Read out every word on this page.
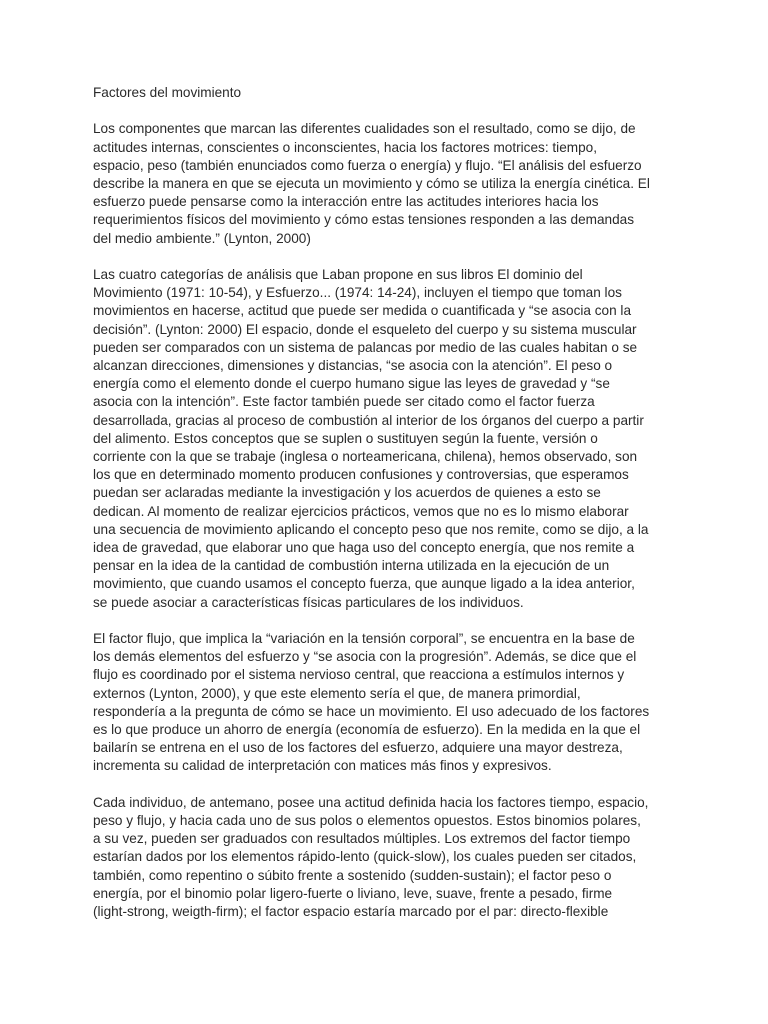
Factores del movimiento
Los componentes que marcan las diferentes cualidades son el resultado, como se dijo, de
actitudes internas, conscientes o inconscientes, hacia los factores motrices: tiempo,
espacio, peso (también enunciados como fuerza o energía) y flujo. “El análisis del esfuerzo
describe la manera en que se ejecuta un movimiento y cómo se utiliza la energía cinética. El
esfuerzo puede pensarse como la interacción entre las actitudes interiores hacia los
requerimientos físicos del movimiento y cómo estas tensiones responden a las demandas
del medio ambiente.” (Lynton, 2000)
Las cuatro categorías de análisis que Laban propone en sus libros El dominio del
Movimiento (1971: 10-54), y Esfuerzo... (1974: 14-24), incluyen el tiempo que toman los
movimientos en hacerse, actitud que puede ser medida o cuantificada y “se asocia con la
decisión”. (Lynton: 2000) El espacio, donde el esqueleto del cuerpo y su sistema muscular
pueden ser comparados con un sistema de palancas por medio de las cuales habitan o se
alcanzan direcciones, dimensiones y distancias, “se asocia con la atención”. El peso o
energía como el elemento donde el cuerpo humano sigue las leyes de gravedad y “se
asocia con la intención”. Este factor también puede ser citado como el factor fuerza
desarrollada, gracias al proceso de combustión al interior de los órganos del cuerpo a partir
del alimento. Estos conceptos que se suplen o sustituyen según la fuente, versión o
corriente con la que se trabaje (inglesa o norteamericana, chilena), hemos observado, son
los que en determinado momento producen confusiones y controversias, que esperamos
puedan ser aclaradas mediante la investigación y los acuerdos de quienes a esto se
dedican. Al momento de realizar ejercicios prácticos, vemos que no es lo mismo elaborar
una secuencia de movimiento aplicando el concepto peso que nos remite, como se dijo, a la
idea de gravedad, que elaborar uno que haga uso del concepto energía, que nos remite a
pensar en la idea de la cantidad de combustión interna utilizada en la ejecución de un
movimiento, que cuando usamos el concepto fuerza, que aunque ligado a la idea anterior,
se puede asociar a características físicas particulares de los individuos.
El factor flujo, que implica la “variación en la tensión corporal”, se encuentra en la base de
los demás elementos del esfuerzo y “se asocia con la progresión”. Además, se dice que el
flujo es coordinado por el sistema nervioso central, que reacciona a estímulos internos y
externos (Lynton, 2000), y que este elemento sería el que, de manera primordial,
respondería a la pregunta de cómo se hace un movimiento. El uso adecuado de los factores
es lo que produce un ahorro de energía (economía de esfuerzo). En la medida en la que el
bailarín se entrena en el uso de los factores del esfuerzo, adquiere una mayor destreza,
incrementa su calidad de interpretación con matices más finos y expresivos.
Cada individuo, de antemano, posee una actitud definida hacia los factores tiempo, espacio,
peso y flujo, y hacia cada uno de sus polos o elementos opuestos. Estos binomios polares,
a su vez, pueden ser graduados con resultados múltiples. Los extremos del factor tiempo
estarían dados por los elementos rápido-lento (quick-slow), los cuales pueden ser citados,
también, como repentino o súbito frente a sostenido (sudden-sustain); el factor peso o
energía, por el binomio polar ligero-fuerte o liviano, leve, suave, frente a pesado, firme
(light-strong, weigth-firm); el factor espacio estaría marcado por el par: directo-flexible
